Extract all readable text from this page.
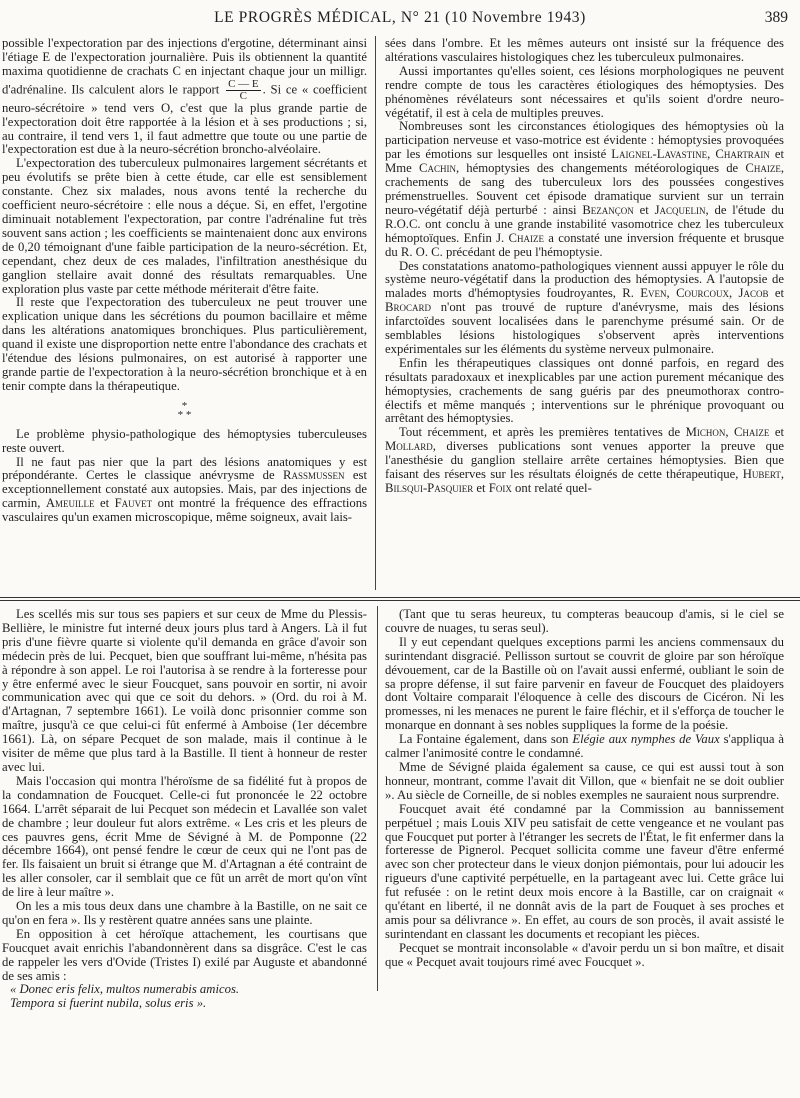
LE PROGRÈS MÉDICAL, N° 21 (10 Novembre 1943)	389

possible l'expectoration par des injections d'ergotine, déterminant ainsi l'étiage E de l'expectoration journalière. Puis ils obtiennent la quantité maxima quotidienne de crachats C en injectant chaque jour un milligr. d'adrénaline. Ils calculent alors le rapport $\frac{C — E}{C}$ . Si ce « coefficient neuro-sécrétoire » tend vers O, c'est que la plus grande partie de l'expectoration doit être rapportée à la lésion et à ses productions ; si, au contraire, il tend vers 1, il faut admettre que toute ou une partie de l'expectoration est due à la neuro-sécrétion broncho-alvéolaire.

L'expectoration des tuberculeux pulmonaires largement sécrétants et peu évolutifs se prête bien à cette étude, car elle est sensiblement constante. Chez six malades, nous avons tenté la recherche du coefficient neuro-sécrétoire : elle nous a déçue. Si, en effet, l'ergotine diminuait notablement l'expectoration, par contre l'adrénaline fut très souvent sans action ; les coefficients se maintenaient donc aux environs de 0,20 témoignant d'une faible participation de la neuro-sécrétion. Et, cependant, chez deux de ces malades, l'infiltration anesthésique du ganglion stellaire avait donné des résultats remarquables. Une exploration plus vaste par cette méthode mériterait d'être faite.

Il reste que l'expectoration des tuberculeux ne peut trouver une explication unique dans les sécrétions du poumon bacillaire et même dans les altérations anatomiques bronchiques. Plus particulièrement, quand il existe une disproportion nette entre l'abondance des crachats et l'étendue des lésions pulmonaires, on est autorisé à rapporter une grande partie de l'expectoration à la neuro-sécrétion bronchique et à en tenir compte dans la thérapeutique.

*
* *

Le problème physio-pathologique des hémoptysies tuberculeuses reste ouvert.

Il ne faut pas nier que la part des lésions anatomiques y est prépondérante. Certes le classique anévrysme de Rassmussen est exceptionnellement constaté aux autopsies. Mais, par des injections de carmin, Ameuille et Fauvet ont montré la fréquence des effractions vasculaires qu'un examen microscopique, même soigneux, avait lais-

sées dans l'ombre. Et les mêmes auteurs ont insisté sur la fréquence des altérations vasculaires histologiques chez les tuberculeux pulmonaires.

Aussi importantes qu'elles soient, ces lésions morphologiques ne peuvent rendre compte de tous les caractères étiologiques des hémoptysies. Des phénomènes révélateurs sont nécessaires et qu'ils soient d'ordre neuro-végétatif, il est à cela de multiples preuves.

Nombreuses sont les circonstances étiologiques des hémoptysies où la participation nerveuse et vaso-motrice est évidente : hémoptysies provoquées par les émotions sur lesquelles ont insisté Laignel-Lavastine, Chartrain et Mme Cachin, hémoptysies des changements météorologiques de Chaize, crachements de sang des tuberculeux lors des poussées congestives prémenstruelles. Souvent cet épisode dramatique survient sur un terrain neuro-végétatif déjà perturbé : ainsi Bezançon et Jacquelin, de l'étude du R.O.C. ont conclu à une grande instabilité vasomotrice chez les tuberculeux hémoptoïques. Enfin J. Chaize a constaté une inversion fréquente et brusque du R. O. C. précédant de peu l'hémoptysie.

Des constatations anatomo-pathologiques viennent aussi appuyer le rôle du système neuro-végétatif dans la production des hémoptysies. A l'autopsie de malades morts d'hémoptysies foudroyantes, R. Even, Courcoux, Jacob et Brocard n'ont pas trouvé de rupture d'anévrysme, mais des lésions infarctoïdes souvent localisées dans le parenchyme présumé sain. Or de semblables lésions histologiques s'observent après interventions expérimentales sur les éléments du système nerveux pulmonaire.

Enfin les thérapeutiques classiques ont donné parfois, en regard des résultats paradoxaux et inexplicables par une action purement mécanique des hémoptysies, crachements de sang guéris par des pneumothorax contro-électifs et même manqués ; interventions sur le phrénique provoquant ou arrêtant des hémoptysies.

Tout récemment, et après les premières tentatives de Michon, Chaize et Mollard, diverses publications sont venues apporter la preuve que l'anesthésie du ganglion stellaire arrête certaines hémoptysies. Bien que faisant des réserves sur les résultats éloignés de cette thérapeutique, Hubert, Bilsqui-Pasquier et Foix ont relaté quel-

Les scellés mis sur tous ses papiers et sur ceux de Mme du Plessis-Bellière, le ministre fut interné deux jours plus tard à Angers. Là il fut pris d'une fièvre quarte si violente qu'il demanda en grâce d'avoir son médecin près de lui. Pecquet, bien que souffrant lui-même, n'hésita pas à répondre à son appel. Le roi l'autorisa à se rendre à la forteresse pour y être enfermé avec le sieur Foucquet, sans pouvoir en sortir, ni avoir communication avec qui que ce soit du dehors. » (Ord. du roi à M. d'Artagnan, 7 septembre 1661). Le voilà donc prisonnier comme son maître, jusqu'à ce que celui-ci fût enfermé à Amboise (1er décembre 1661). Là, on sépare Pecquet de son malade, mais il continue à le visiter de même que plus tard à la Bastille. Il tient à honneur de rester avec lui.

Mais l'occasion qui montra l'héroïsme de sa fidélité fut à propos de la condamnation de Foucquet. Celle-ci fut prononcée le 22 octobre 1664. L'arrêt séparait de lui Pecquet son médecin et Lavallée son valet de chambre ; leur douleur fut alors extrême. « Les cris et les pleurs de ces pauvres gens, écrit Mme de Sévigné à M. de Pomponne (22 décembre 1664), ont pensé fendre le cœur de ceux qui ne l'ont pas de fer. Ils faisaient un bruit si étrange que M. d'Artagnan a été contraint de les aller consoler, car il semblait que ce fût un arrêt de mort qu'on vînt de lire à leur maître ».

On les a mis tous deux dans une chambre à la Bastille, on ne sait ce qu'on en fera ». Ils y restèrent quatre années sans une plainte.

En opposition à cet héroïque attachement, les courtisans que Foucquet avait enrichis l'abandonnèrent dans sa disgrâce. C'est le cas de rappeler les vers d'Ovide (Tristes I) exilé par Auguste et abandonné de ses amis :

« Donec eris felix, multos numerabis amicos.

Tempora si fuerint nubila, solus eris ».

(Tant que tu seras heureux, tu compteras beaucoup d'amis, si le ciel se couvre de nuages, tu seras seul).

Il y eut cependant quelques exceptions parmi les anciens commensaux du surintendant disgracié. Pellisson surtout se couvrit de gloire par son héroïque dévouement, car de la Bastille où on l'avait aussi enfermé, oubliant le soin de sa propre défense, il sut faire parvenir en faveur de Foucquet des plaidoyers dont Voltaire comparait l'éloquence à celle des discours de Cicéron. Ni les promesses, ni les menaces ne purent le faire fléchir, et il s'efforça de toucher le monarque en donnant à ses nobles suppliques la forme de la poésie.

La Fontaine également, dans son Elégie aux nymphes de Vaux s'appliqua à calmer l'animosité contre le condamné.

Mme de Sévigné plaida également sa cause, ce qui est aussi tout à son honneur, montrant, comme l'avait dit Villon, que « bienfait ne se doit oublier ». Au siècle de Corneille, de si nobles exemples ne sauraient nous surprendre.

Foucquet avait été condamné par la Commission au bannissement perpétuel ; mais Louis XIV peu satisfait de cette vengeance et ne voulant pas que Foucquet put porter à l'étranger les secrets de l'État, le fit enfermer dans la forteresse de Pignerol. Pecquet sollicita comme une faveur d'être enfermé avec son cher protecteur dans le vieux donjon piémontais, pour lui adoucir les rigueurs d'une captivité perpétuelle, en la partageant avec lui. Cette grâce lui fut refusée : on le retint deux mois encore à la Bastille, car on craignait « qu'étant en liberté, il ne donnât avis de la part de Fouquet à ses proches et amis pour sa délivrance ». En effet, au cours de son procès, il avait assisté le surintendant en classant les documents et recopiant les pièces.

Pecquet se montrait inconsolable « d'avoir perdu un si bon maître, et disait que « Pecquet avait toujours rimé avec Foucquet ».
